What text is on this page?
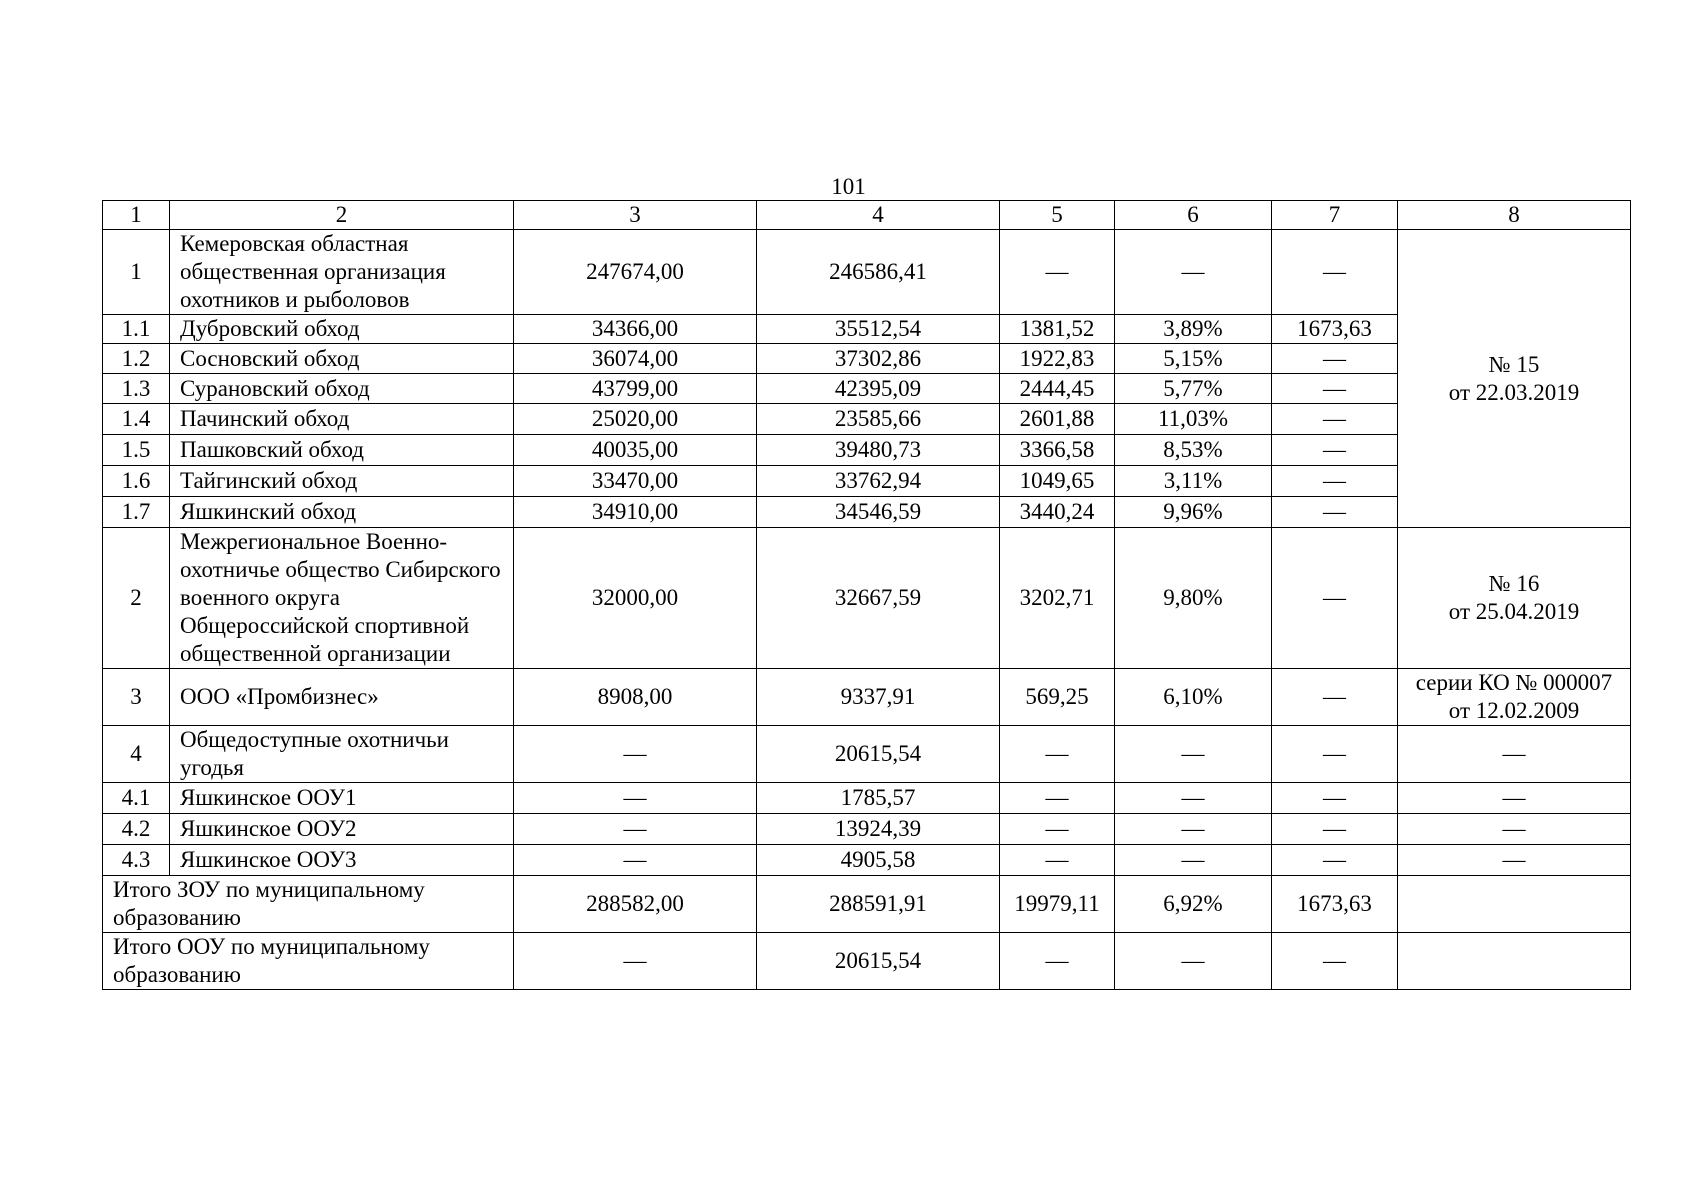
101
1	2	3	4	5	6	7	8
1	Кемеровская областная общественная организация охотников и рыболовов	247674,00	246586,41	—	—	—	№ 15
от 22.03.2019

1.1	Дубровский обход	34366,00	35512,54	1381,52	3,89%	1673,63	
1.2	Сосновский обход	36074,00	37302,86	1922,83	5,15%	—	
1.3	Сурановский обход	43799,00	42395,09	2444,45	5,77%	—	
1.4	Пачинский обход	25020,00	23585,66	2601,88	11,03%	—	
1.5	Пашковский обход	40035,00	39480,73	3366,58	8,53%	—	
1.6	Тайгинский обход	33470,00	33762,94	1049,65	3,11%	—	
1.7	Яшкинский обход	34910,00	34546,59	3440,24	9,96%	—	
2	Межрегиональное Военно-охотничье общество Сибирского военного округа Общероссийской спортивной общественной организации	32000,00	32667,59	3202,71	9,80%	—	№ 16
от 25.04.2019

3	ООО «Промбизнес»	8908,00	9337,91	569,25	6,10%	—	серии КО № 000007
от 12.02.2009

4	Общедоступные охотничьи угодья	—	20615,54	—	—	—	—
4.1	Яшкинское ООУ1	—	1785,57	—	—	—	—
4.2	Яшкинское ООУ2	—	13924,39	—	—	—	—
4.3	Яшкинское ООУ3	—	4905,58	—	—	—	—
Итого ЗОУ по муниципальному образованию		288582,00	288591,91	19979,11	6,92%	1673,63	
Итого ООУ по муниципальному образованию		—	20615,54	—	—	—	
